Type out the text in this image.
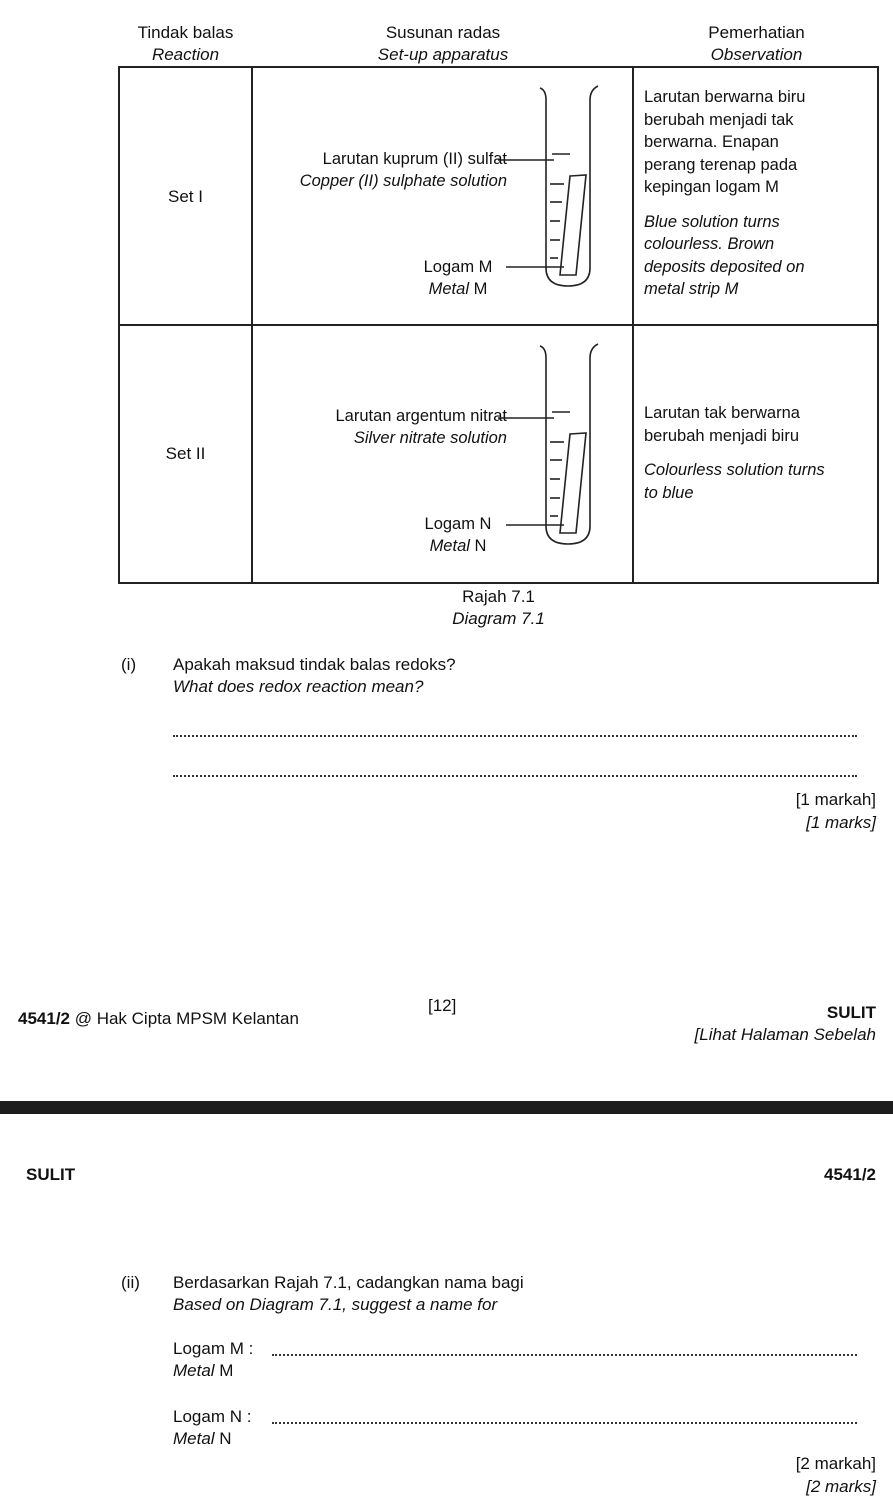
Tindak balas
Reaction
Susunan radas
Set-up apparatus
Pemerhatian
Observation
Set I
Larutan kuprum (II) sulfat
Copper (II) sulphate solution
Logam M
Metal M
Larutan berwarna biru
berubah menjadi tak
berwarna. Enapan
perang terenap pada
kepingan logam M
Blue solution turns
colourless. Brown
deposits deposited on
metal strip M
Set II
Larutan argentum nitrat
Silver nitrate solution
Logam N
Metal N
Larutan tak berwarna
berubah menjadi biru
Colourless solution turns
to blue
Rajah 7.1
Diagram 7.1
(i) Apakah maksud tindak balas redoks?
What does redox reaction mean?
[1 markah]
[1 marks]
4541/2 @ Hak Cipta MPSM Kelantan
[12]	SULIT
[Lihat Halaman Sebelah
SULIT	4541/2
(ii) Berdasarkan Rajah 7.1, cadangkan nama bagi
Based on Diagram 7.1, suggest a name for
Logam M :
Metal M
Logam N :
Metal N
[2 markah]
[2 marks]
